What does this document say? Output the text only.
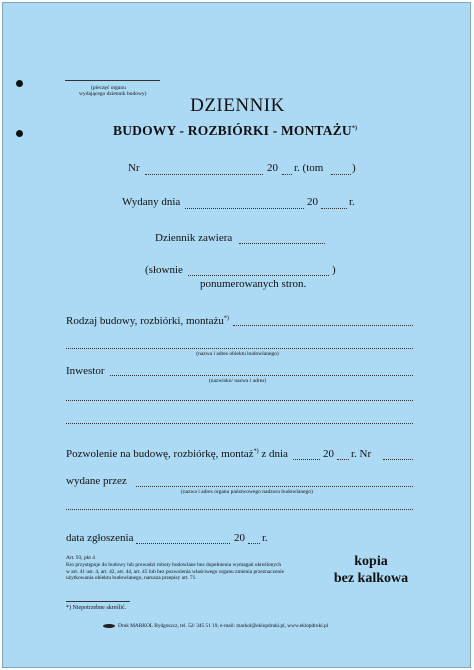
(pieczęć organu
wydającego dziennik budowy)
DZIENNIK
BUDOWY - ROZBIÓRKI - MONTAŻU*)
Nr	20 r. (tom	)
Wydany dnia	20	r.
Dziennik zawiera
(słownie	)
ponumerowanych stron.
Rodzaj budowy, rozbiórki, montażu*)
(nazwa i adres obiektu budowlanego)
Inwestor
(nazwisko/ nazwa i adres)
Pozwolenie na budowę, rozbiórkę, montaż*) z dnia	20 r. Nr
wydane przez
(nazwa i adres organu państwowego nadzoru budowlanego)
data zgłoszenia	20 r.
Art. 93, pkt 4
Kto przystępuje do budowy lub prowadzi roboty budowlane bez dopełnienia wymagań określonych w art. 41 ust. 4, art. 42, art. 44, art. 45 lub bez pozwolenia właściwego organu zmienia przeznaczenie użytkowania obiektu budowlanego, narusza przepisy art. 71.
kopia
bez kalkowa
*) Niepotrzebne skreślić.
Druk MARKOL Bydgoszcz, tel. 52/ 345 51 19, e-mail: markol@eklopdruki.pl, www.eklopdruki.pl
